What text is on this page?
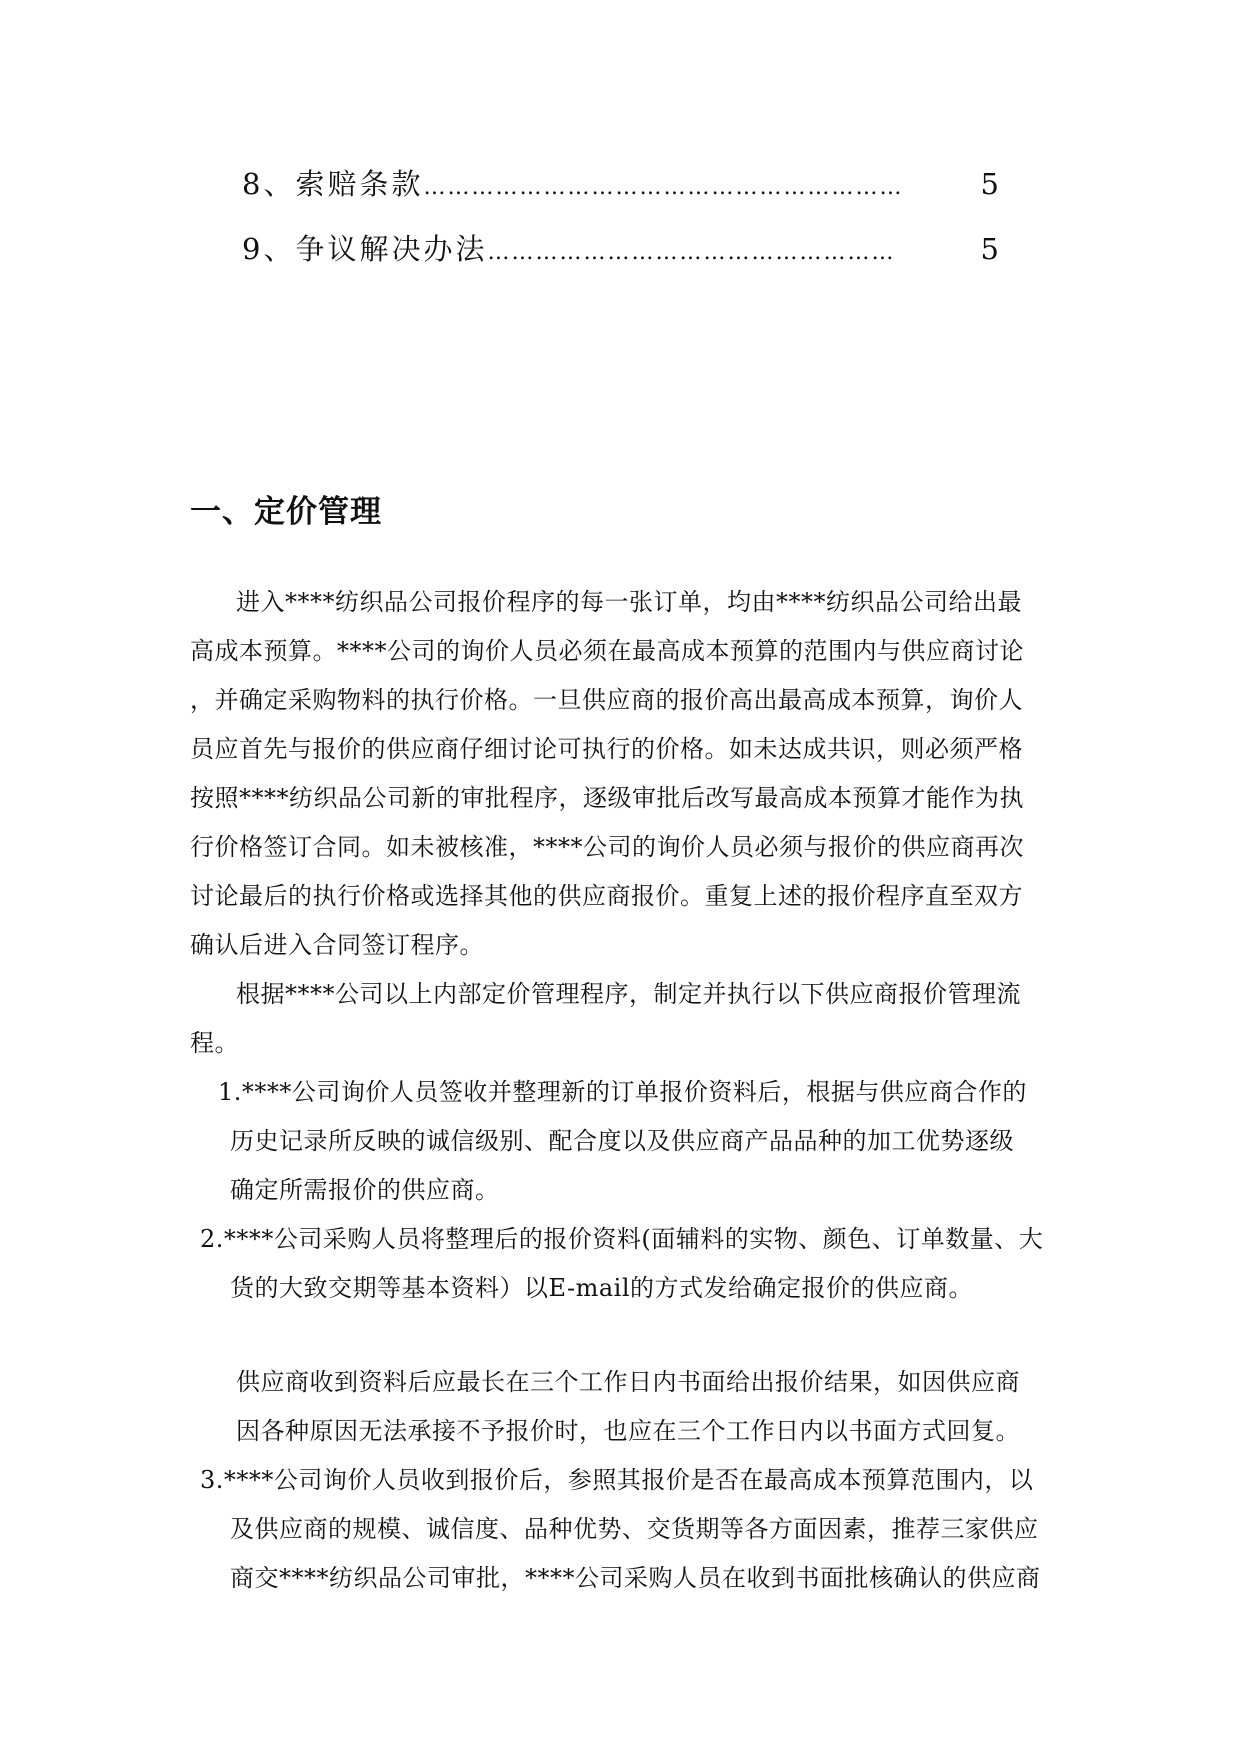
8、索赔条款 ……………………………………………………	5
9、争议解决办法 ……………………………………………	5
一、定价管理
进入****纺织品公司报价程序的每一张订单，均由****纺织品公司给出最
高成本预算。****公司的询价人员必须在最高成本预算的范围内与供应商讨论
，并确定采购物料的执行价格。一旦供应商的报价高出最高成本预算，询价人
员应首先与报价的供应商仔细讨论可执行的价格。如未达成共识，则必须严格
按照****纺织品公司新的审批程序，逐级审批后改写最高成本预算才能作为执
行价格签订合同。如未被核准，****公司的询价人员必须与报价的供应商再次
讨论最后的执行价格或选择其他的供应商报价。重复上述的报价程序直至双方
确认后进入合同签订程序。
根据****公司以上内部定价管理程序，制定并执行以下供应商报价管理流
程。
1.****公司询价人员签收并整理新的订单报价资料后，根据与供应商合作的
历史记录所反映的诚信级别、配合度以及供应商产品品种的加工优势逐级
确定所需报价的供应商。
2.****公司采购人员将整理后的报价资料(面辅料的实物、颜色、订单数量、大
货的大致交期等基本资料）以E-mail的方式发给确定报价的供应商。
供应商收到资料后应最长在三个工作日内书面给出报价结果，如因供应商
因各种原因无法承接不予报价时，也应在三个工作日内以书面方式回复。
3.****公司询价人员收到报价后，参照其报价是否在最高成本预算范围内，以
及供应商的规模、诚信度、品种优势、交货期等各方面因素，推荐三家供应
商交****纺织品公司审批，****公司采购人员在收到书面批核确认的供应商
